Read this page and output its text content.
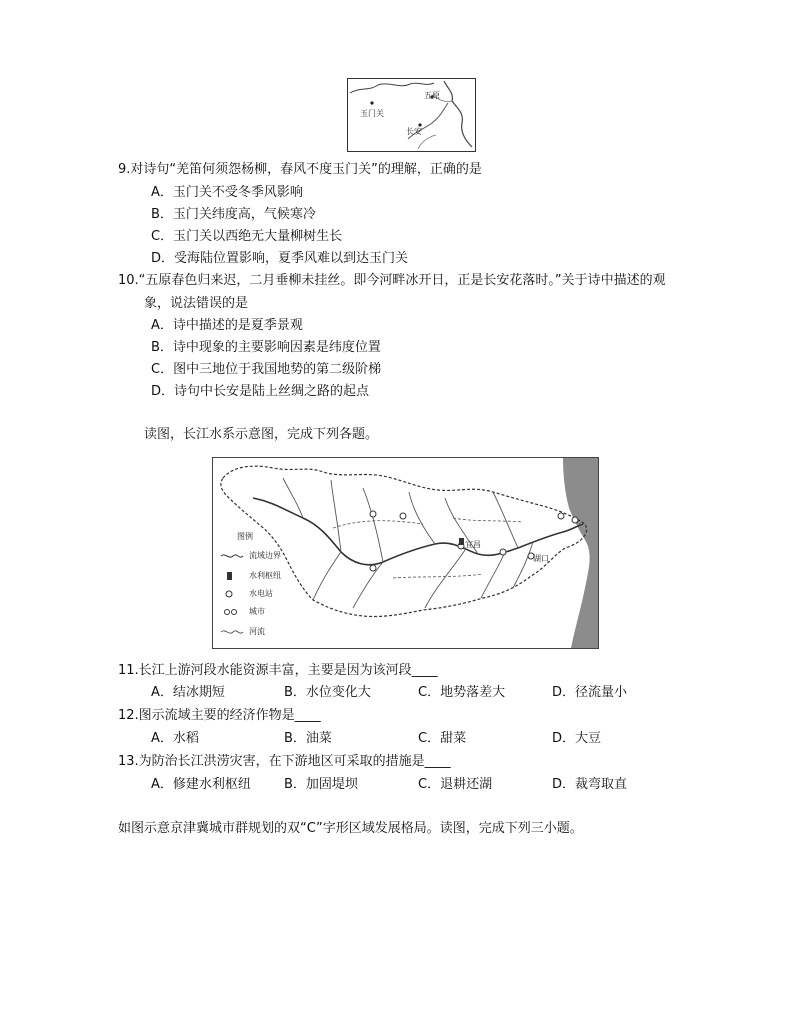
玉门关
五原
长安
9.对诗句“羌笛何须怨杨柳，春风不度玉门关”的理解，正确的是
A．玉门关不受冬季风影响
B．玉门关纬度高，气候寒冷
C．玉门关以西绝无大量柳树生长
D．受海陆位置影响，夏季风难以到达玉门关
10.“五原春色归来迟，二月垂柳未挂丝。即今河畔冰开日，正是长安花落时。”关于诗中描述的观
象，说法错误的是
A．诗中描述的是夏季景观
B．诗中现象的主要影响因素是纬度位置
C．图中三地位于我国地势的第二级阶梯
D．诗句中长安是陆上丝绸之路的起点
读图，长江水系示意图，完成下列各题。
图例
流域边界
水利枢纽
水电站
城市
河流
宜昌
湖口
11.长江上游河段水能资源丰富，主要是因为该河段____
A．结冰期短	B．水位变化大	C．地势落差大	D．径流量小
12.图示流域主要的经济作物是____
A．水稻	B．油菜	C．甜菜	D．大豆
13.为防治长江洪涝灾害，在下游地区可采取的措施是____
A．修建水利枢纽	B．加固堤坝	C．退耕还湖	D．裁弯取直
如图示意京津冀城市群规划的双“C”字形区域发展格局。读图，完成下列三小题。
